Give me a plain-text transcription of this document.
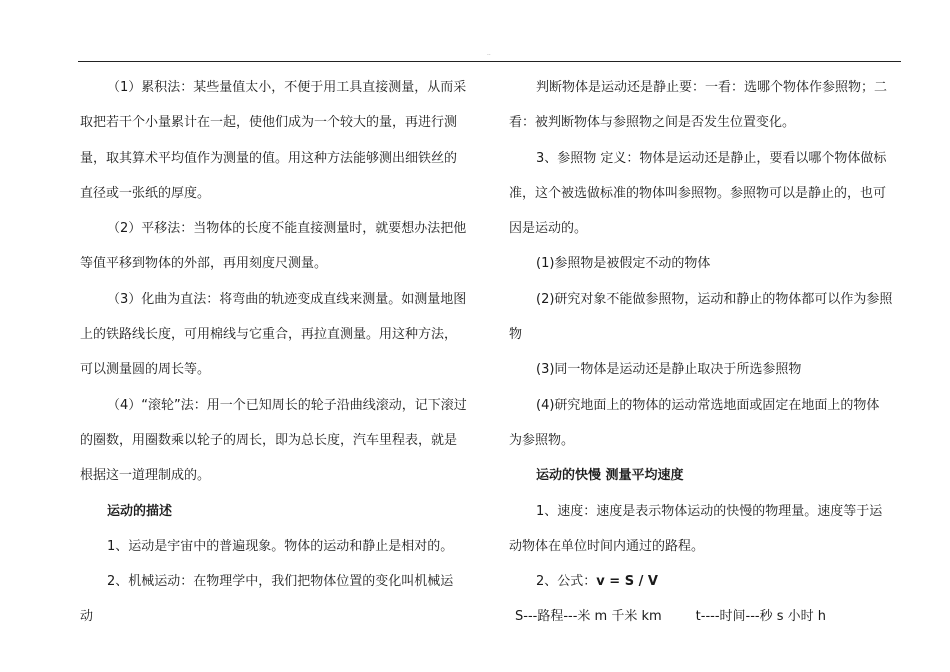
..
（1）累积法：某些量值太小，不便于用工具直接测量，从而采
取把若干个小量累计在一起，使他们成为一个较大的量，再进行测
量，取其算术平均值作为测量的值。用这种方法能够测出细铁丝的
直径或一张纸的厚度。
（2）平移法：当物体的长度不能直接测量时，就要想办法把他
等值平移到物体的外部，再用刻度尺测量。
（3）化曲为直法：将弯曲的轨迹变成直线来测量。如测量地图
上的铁路线长度，可用棉线与它重合，再拉直测量。用这种方法，
可以测量圆的周长等。
（4）“滚轮”法：用一个已知周长的轮子沿曲线滚动，记下滚过
的圈数，用圈数乘以轮子的周长，即为总长度，汽车里程表，就是
根据这一道理制成的。
运动的描述
1、运动是宇宙中的普遍现象。物体的运动和静止是相对的。
2、机械运动：在物理学中，我们把物体位置的变化叫机械运
动
判断物体是运动还是静止要：一看：选哪个物体作参照物；二
看：被判断物体与参照物之间是否发生位置变化。
3、参照物 定义：物体是运动还是静止，要看以哪个物体做标
准，这个被选做标准的物体叫参照物。参照物可以是静止的，也可
因是运动的。
(1)参照物是被假定不动的物体
(2)研究对象不能做参照物，运动和静止的物体都可以作为参照
物
(3)同一物体是运动还是静止取决于所选参照物
(4)研究地面上的物体的运动常选地面或固定在地面上的物体
为参照物。
运动的快慢 测量平均速度
1、速度：速度是表示物体运动的快慢的物理量。速度等于运
动物体在单位时间内通过的路程。
2、公式：v = S / V
S---路程---米 m 千米 km	t----时间---秒 s 小时 h
